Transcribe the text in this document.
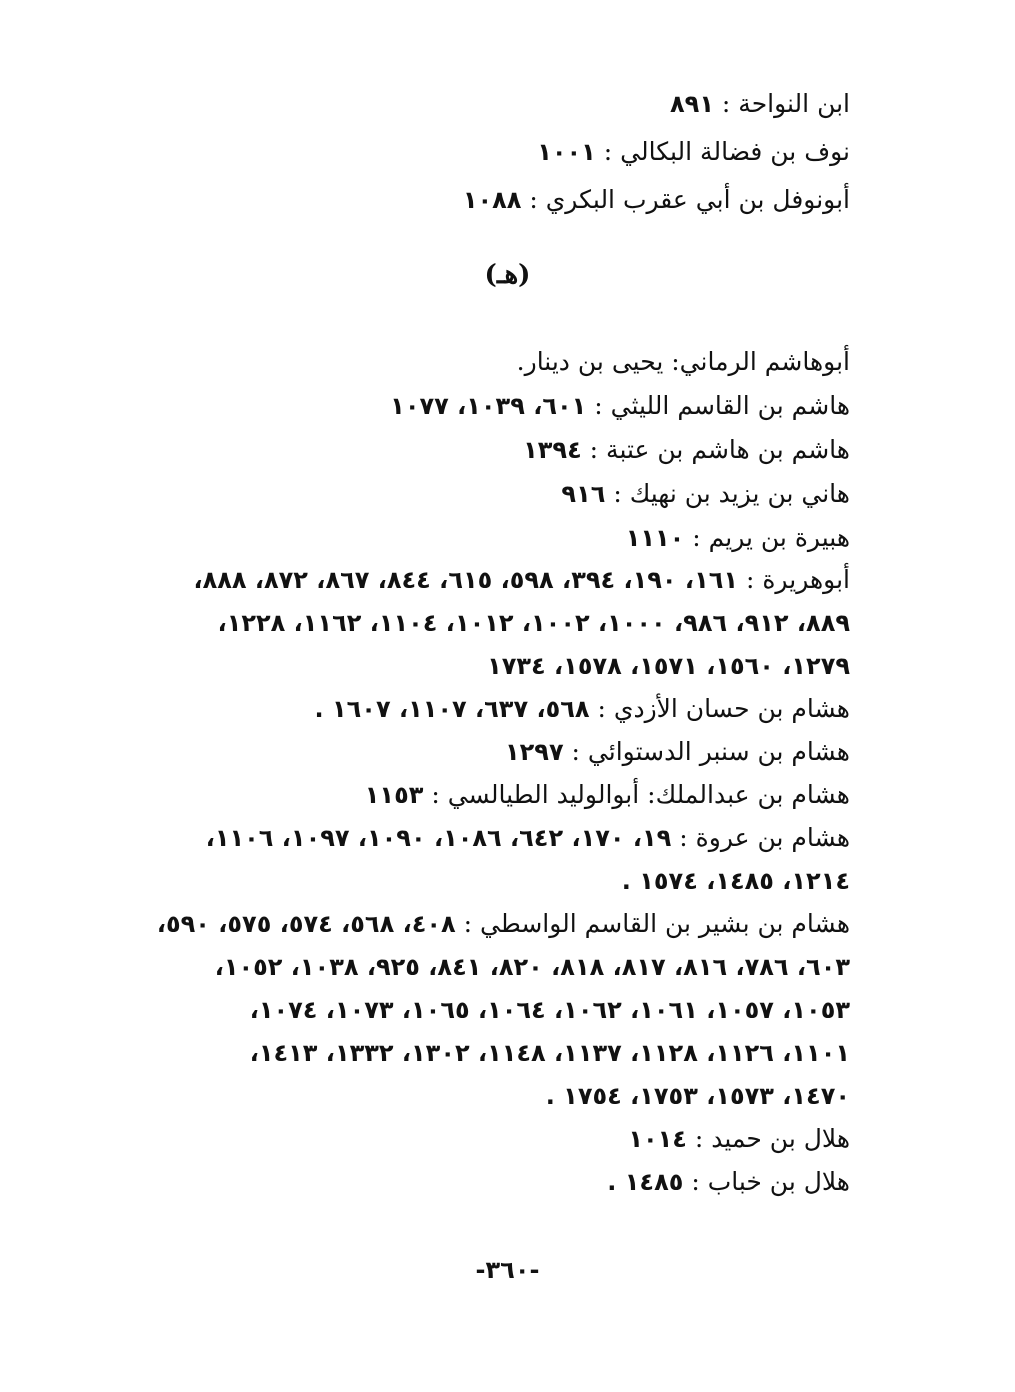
ابن النواحة : ٨٩١
نوف بن فضالة البكالي : ١٠٠١
أبونوفل بن أبي عقرب البكري : ١٠٨٨
(هـ)
أبوهاشم الرماني: يحيى بن دينار.
هاشم بن القاسم الليثي : ٦٠١، ١٠٣٩، ١٠٧٧
هاشم بن هاشم بن عتبة : ١٣٩٤
هاني بن يزيد بن نهيك : ٩١٦
هبيرة بن يريم : ١١١٠
أبوهريرة : ١٦١، ١٩٠، ٣٩٤، ٥٩٨، ٦١٥، ٨٤٤، ٨٦٧، ٨٧٢، ٨٨٨،
٨٨٩، ٩١٢، ٩٨٦، ١٠٠٠، ١٠٠٢، ١٠١٢، ١١٠٤، ١١٦٢، ١٢٢٨،
١٢٧٩، ١٥٦٠، ١٥٧١، ١٥٧٨، ١٧٣٤
هشام بن حسان الأزدي : ٥٦٨، ٦٣٧، ١١٠٧، ١٦٠٧ .
هشام بن سنبر الدستوائي : ١٢٩٧
هشام بن عبدالملك: أبوالوليد الطيالسي : ١١٥٣
هشام بن عروة : ١٩، ١٧٠، ٦٤٢، ١٠٨٦، ١٠٩٠، ١٠٩٧، ١١٠٦،
١٢١٤، ١٤٨٥، ١٥٧٤ .
هشام بن بشير بن القاسم الواسطي : ٤٠٨، ٥٦٨، ٥٧٤، ٥٧٥، ٥٩٠،
٦٠٣، ٧٨٦، ٨١٦، ٨١٧، ٨١٨، ٨٢٠، ٨٤١، ٩٢٥، ١٠٣٨، ١٠٥٢،
١٠٥٣، ١٠٥٧، ١٠٦١، ١٠٦٢، ١٠٦٤، ١٠٦٥، ١٠٧٣، ١٠٧٤،
١١٠١، ١١٢٦، ١١٢٨، ١١٣٧، ١١٤٨، ١٣٠٢، ١٣٣٢، ١٤١٣،
١٤٧٠، ١٥٧٣، ١٧٥٣، ١٧٥٤ .
هلال بن حميد : ١٠١٤
هلال بن خباب : ١٤٨٥ .
-٣٦٠-
